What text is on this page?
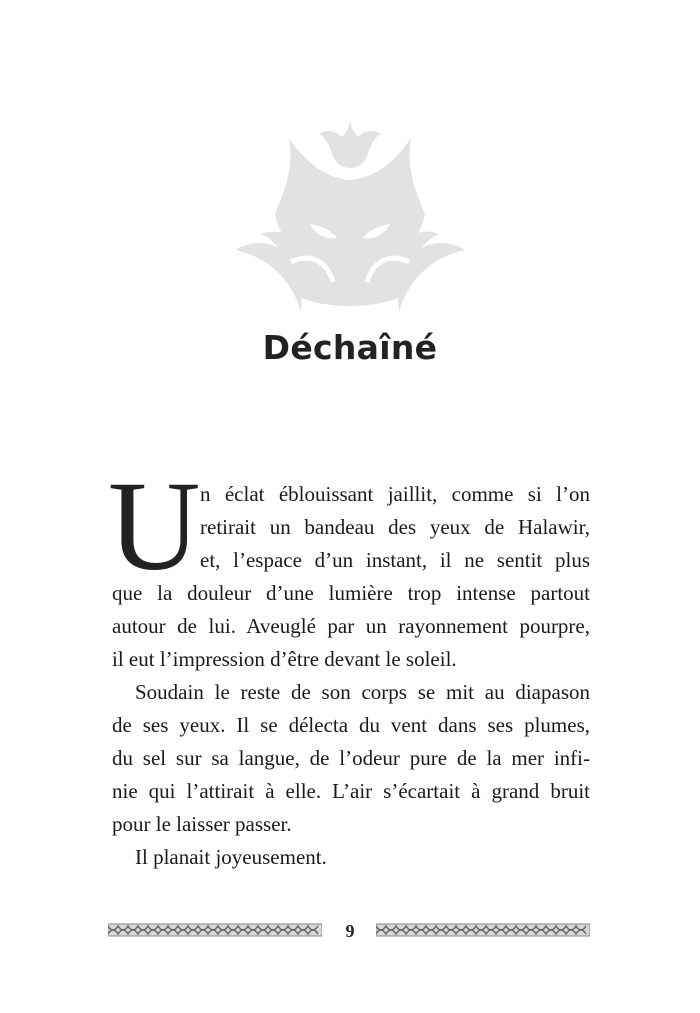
Déchaîné
U n éclat éblouissant jaillit, comme si l’on
retirait un bandeau des yeux de Halawir,
et, l’espace d’un instant, il ne sentit plus
que la douleur d’une lumière trop intense partout
autour de lui. Aveuglé par un rayonnement pourpre,
il eut l’impression d’être devant le soleil.
Soudain le reste de son corps se mit au diapason
de ses yeux. Il se délecta du vent dans ses plumes,
du sel sur sa langue, de l’odeur pure de la mer infi-
nie qui l’attirait à elle. L’air s’écartait à grand bruit
pour le laisser passer.
Il planait joyeusement.
9
